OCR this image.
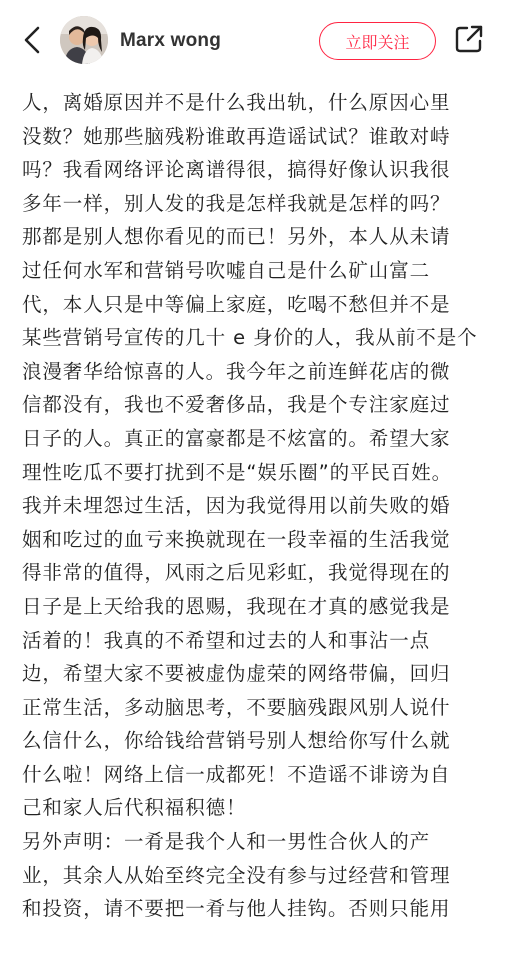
Marx wong	立即关注
人，离婚原因并不是什么我出轨，什么原因心里
没数？她那些脑残粉谁敢再造谣试试？谁敢对峙
吗？我看网络评论离谱得很，搞得好像认识我很
多年一样，别人发的我是怎样我就是怎样的吗？
那都是别人想你看见的而已！另外，本人从未请
过任何水军和营销号吹嘘自己是什么矿山富二
代，本人只是中等偏上家庭，吃喝不愁但并不是
某些营销号宣传的几十 e 身价的人，我从前不是个
浪漫奢华给惊喜的人。我今年之前连鲜花店的微
信都没有，我也不爱奢侈品，我是个专注家庭过
日子的人。真正的富豪都是不炫富的。希望大家
理性吃瓜不要打扰到不是“娱乐圈”的平民百姓。
我并未埋怨过生活，因为我觉得用以前失败的婚
姻和吃过的血亏来换就现在一段幸福的生活我觉
得非常的值得，风雨之后见彩虹，我觉得现在的
日子是上天给我的恩赐，我现在才真的感觉我是
活着的！我真的不希望和过去的人和事沾一点
边，希望大家不要被虚伪虚荣的网络带偏，回归
正常生活，多动脑思考，不要脑残跟风别人说什
么信什么，你给钱给营销号别人想给你写什么就
什么啦！网络上信一成都死！不造谣不诽谤为自
己和家人后代积福积德！
另外声明：一肴是我个人和一男性合伙人的产
业，其余人从始至终完全没有参与过经营和管理
和投资，请不要把一肴与他人挂钩。否则只能用
